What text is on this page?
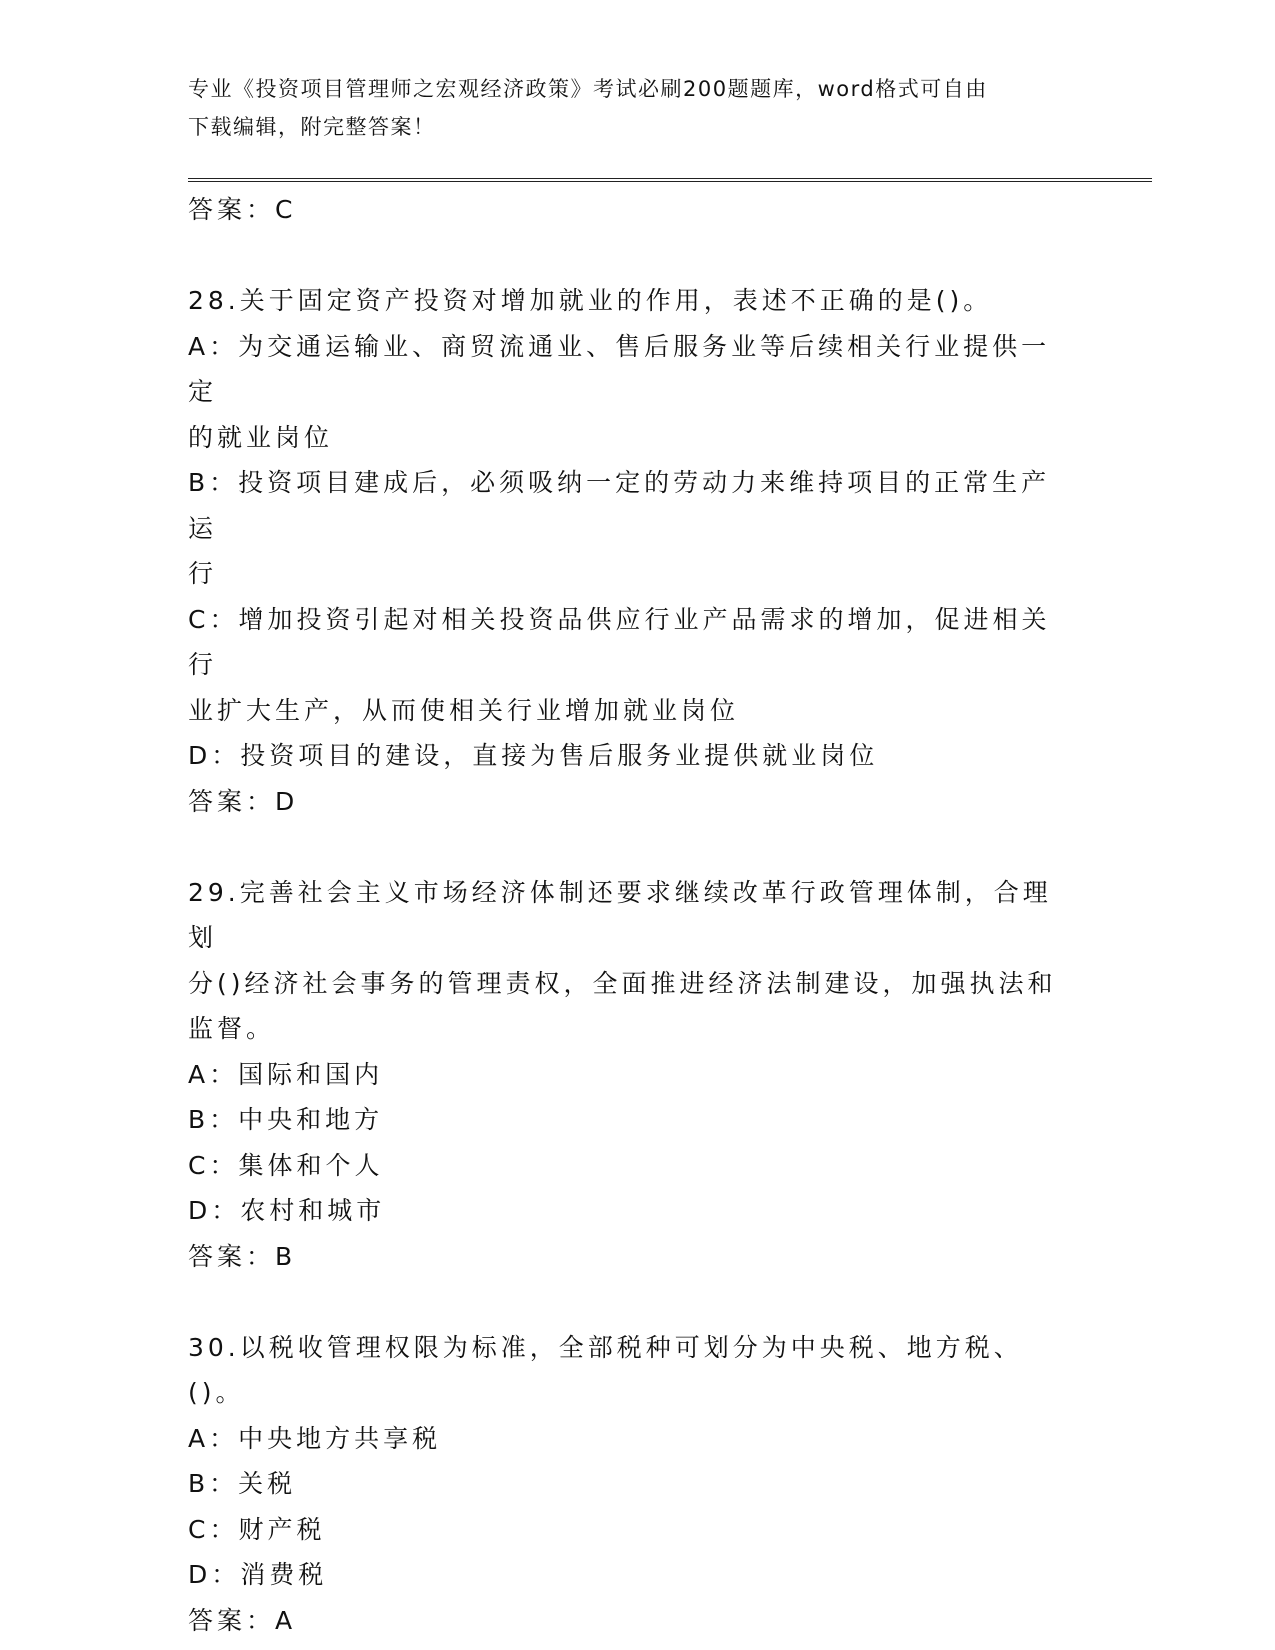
专业《投资项目管理师之宏观经济政策》考试必刷200题题库，word格式可自由
下载编辑，附完整答案！

答案：C

28.关于固定资产投资对增加就业的作用，表述不正确的是()。

A：为交通运输业、商贸流通业、售后服务业等后续相关行业提供一定

的就业岗位

B：投资项目建成后，必须吸纳一定的劳动力来维持项目的正常生产运

行

C：增加投资引起对相关投资品供应行业产品需求的增加，促进相关行

业扩大生产，从而使相关行业增加就业岗位

D：投资项目的建设，直接为售后服务业提供就业岗位

答案：D

29.完善社会主义市场经济体制还要求继续改革行政管理体制，合理划

分()经济社会事务的管理责权，全面推进经济法制建设，加强执法和

监督。

A：国际和国内

B：中央和地方

C：集体和个人

D：农村和城市

答案：B

30.以税收管理权限为标准，全部税种可划分为中央税、地方税、()。

A：中央地方共享税

B：关税

C：财产税

D：消费税

答案：A
